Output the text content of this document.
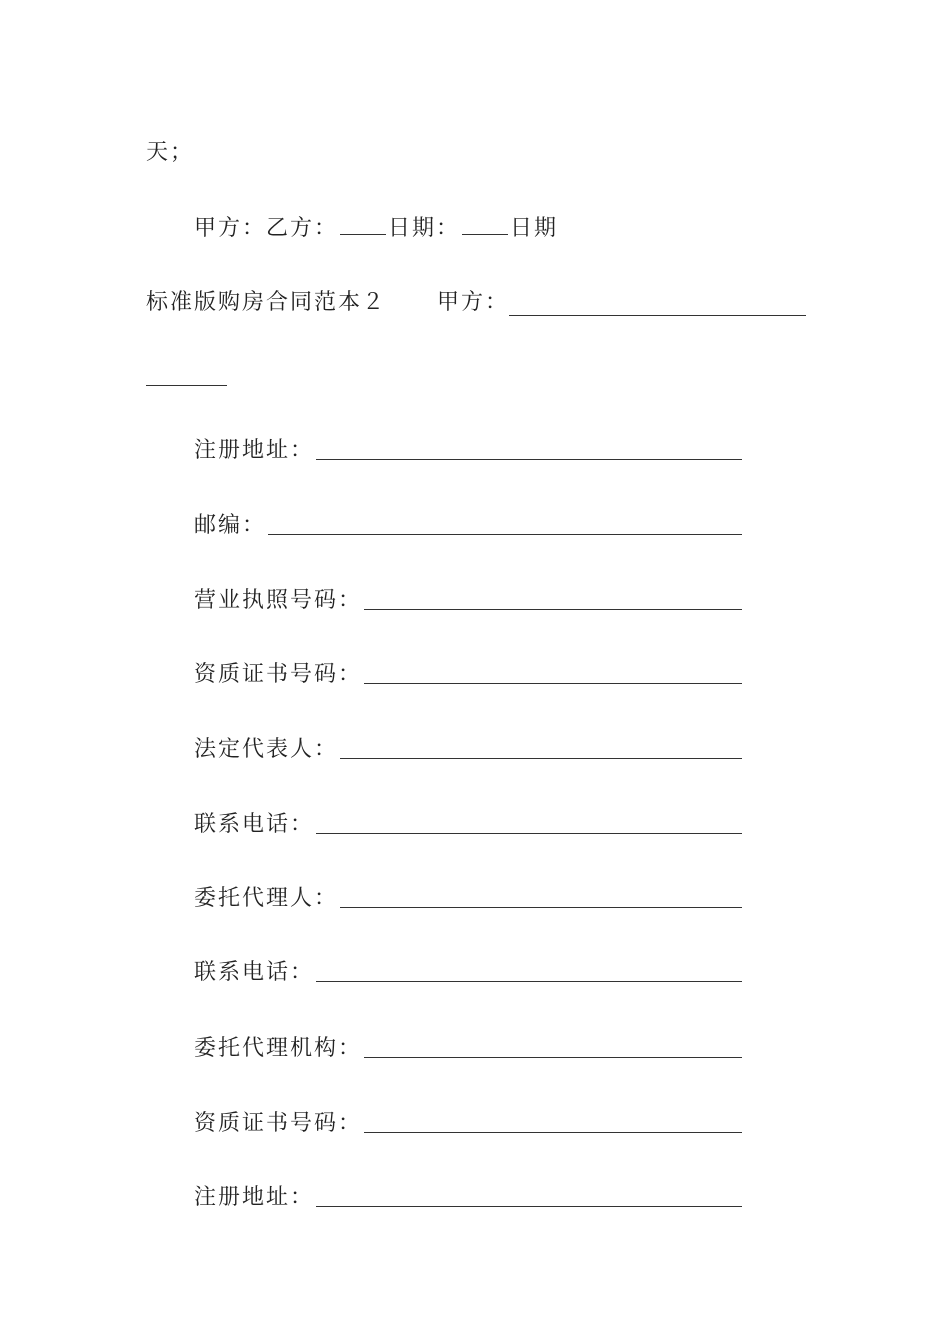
天；
甲方：乙方： 日期： 日期
标准版购房合同范本２ 甲方：
注册地址：
邮编：
营业执照号码：
资质证书号码：
法定代表人：
联系电话：
委托代理人：
联系电话：
委托代理机构：
资质证书号码：
注册地址：
